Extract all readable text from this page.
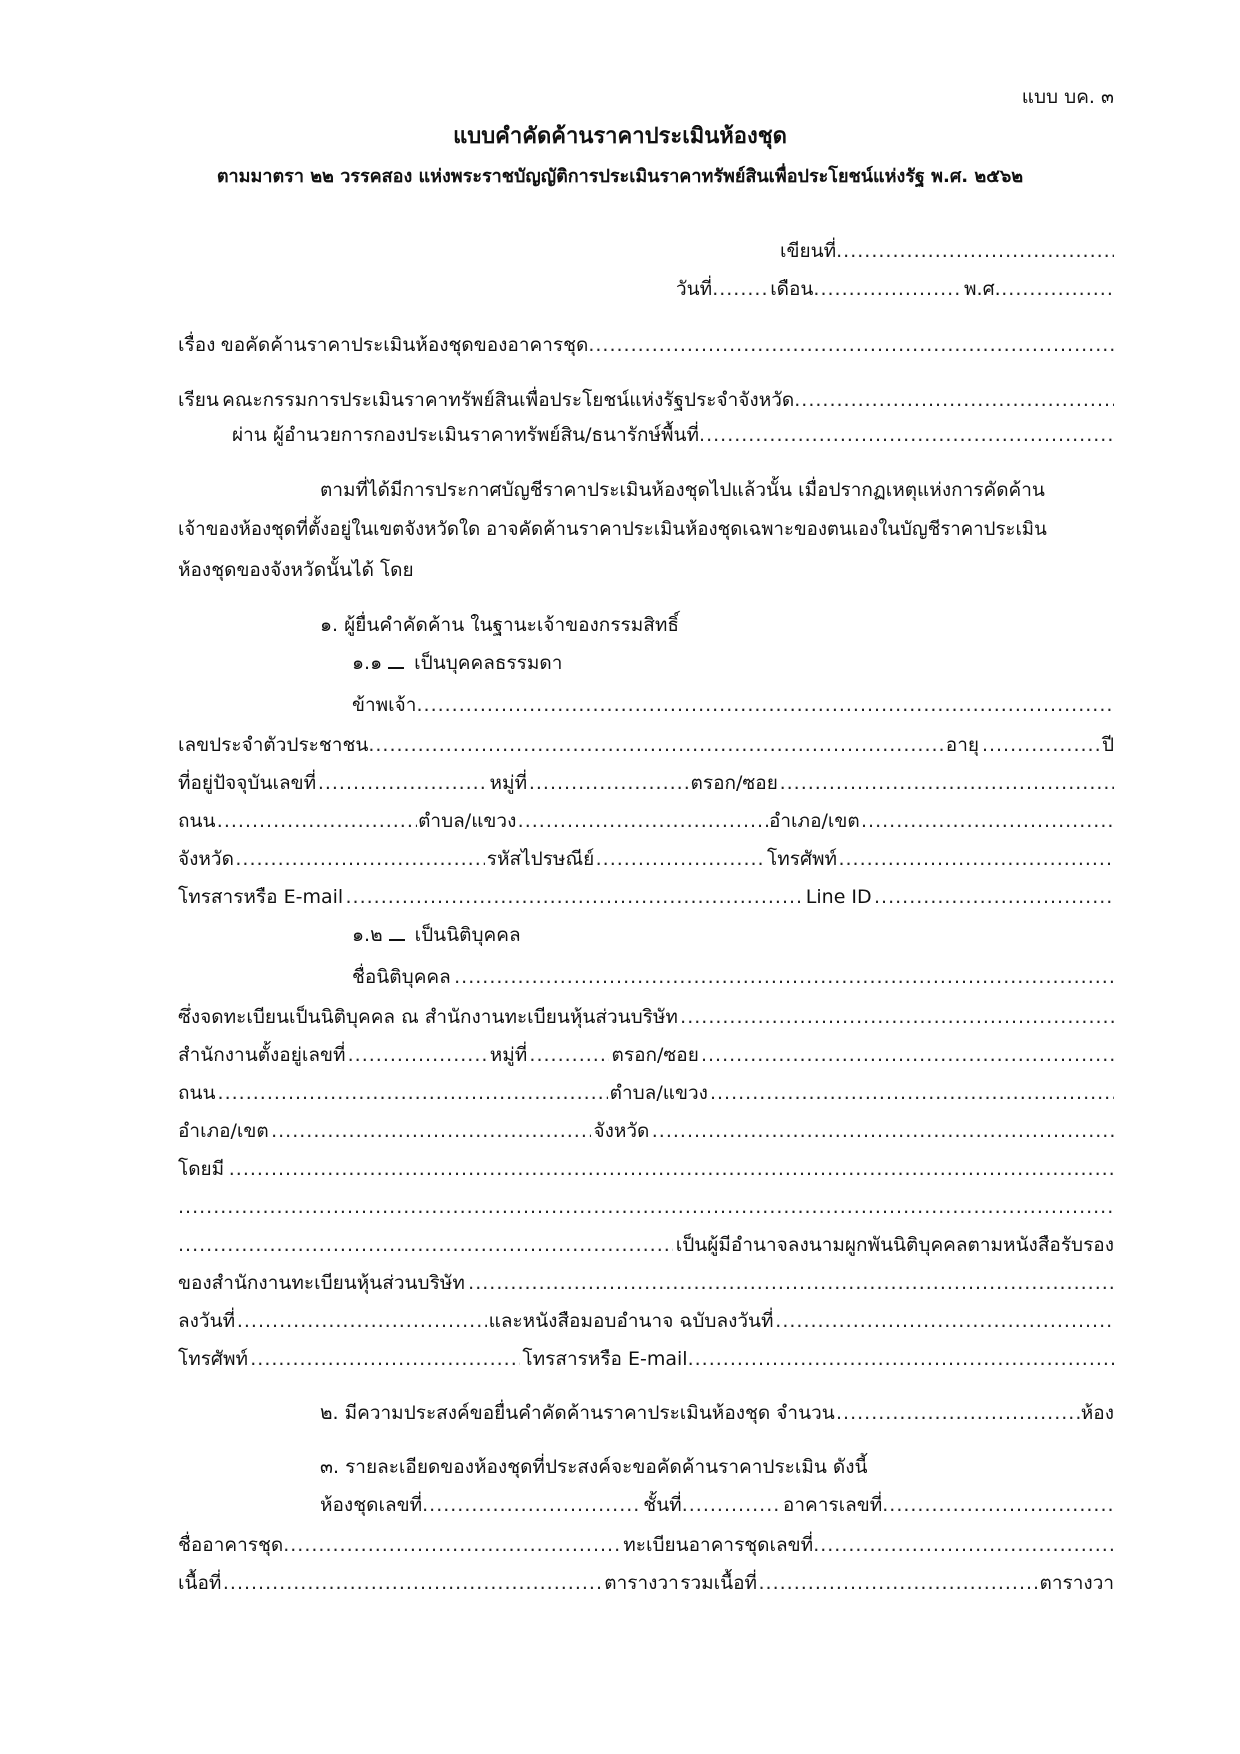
แบบ บค. ๓
แบบคำคัดค้านราคาประเมินห้องชุด
ตามมาตรา ๒๒ วรรคสอง แห่งพระราชบัญญัติการประเมินราคาทรัพย์สินเพื่อประโยชน์แห่งรัฐ พ.ศ. ๒๕๖๒
เขียนที่
.....
วันที่ .....	เดือน .....	พ.ศ.
.....
เรื่อง ขอคัดค้านราคาประเมินห้องชุดของอาคารชุด
.....
เรียน คณะกรรมการประเมินราคาทรัพย์สินเพื่อประโยชน์แห่งรัฐประจำจังหวัด
.....
ผ่าน ผู้อำนวยการกองประเมินราคาทรัพย์สิน/ธนารักษ์พื้นที่
.....
ตามที่ได้มีการประกาศบัญชีราคาประเมินห้องชุดไปแล้วนั้น เมื่อปรากฏเหตุแห่งการคัดค้าน
เจ้าของห้องชุดที่ตั้งอยู่ในเขตจังหวัดใด อาจคัดค้านราคาประเมินห้องชุดเฉพาะของตนเองในบัญชีราคาประเมิน
ห้องชุดของจังหวัดนั้นได้ โดย
๑. ผู้ยื่นคำคัดค้าน ในฐานะเจ้าของกรรมสิทธิ์
๑.๑ เป็นบุคคลธรรมดา
ข้าพเจ้า
.....
เลขประจำตัวประชาชน .....	อายุ .....	ปี
ที่อยู่ปัจจุบันเลขที่ .....	หมู่ที่ .....	ตรอก/ซอย
.....
ถนน .....	ตำบล/แขวง .....	อำเภอ/เขต
.....
จังหวัด .....	รหัสไปรษณีย์ .....	โทรศัพท์
.....
โทรสารหรือ E-mail .....	Line ID
.....
๑.๒ เป็นนิติบุคคล
ชื่อนิติบุคคล
.....
ซึ่งจดทะเบียนเป็นนิติบุคคล ณ สำนักงานทะเบียนหุ้นส่วนบริษัท
.....
สำนักงานตั้งอยู่เลขที่ .....	หมู่ที่ .....	ตรอก/ซอย
.....
ถนน .....	ตำบล/แขวง
.....
อำเภอ/เขต .....	จังหวัด
.....
โดยมี
.....
.....
.....
เป็นผู้มีอำนาจลงนามผูกพันนิติบุคคลตามหนังสือรับรอง
ของสำนักงานทะเบียนหุ้นส่วนบริษัท
.....
ลงวันที่ .....	และหนังสือมอบอำนาจ ฉบับลงวันที่
.....
โทรศัพท์ .....	โทรสารหรือ E-mail
.....
๒. มีความประสงค์ขอยื่นคำคัดค้านราคาประเมินห้องชุด จำนวน .....	ห้อง
๓. รายละเอียดของห้องชุดที่ประสงค์จะขอคัดค้านราคาประเมิน ดังนี้
ห้องชุดเลขที่ .....	ชั้นที่ .....	อาคารเลขที่
.....
ชื่ออาคารชุด .....	ทะเบียนอาคารชุดเลขที่
.....
เนื้อที่ .....	ตารางวา รวมเนื้อที่ .....	ตารางวา
